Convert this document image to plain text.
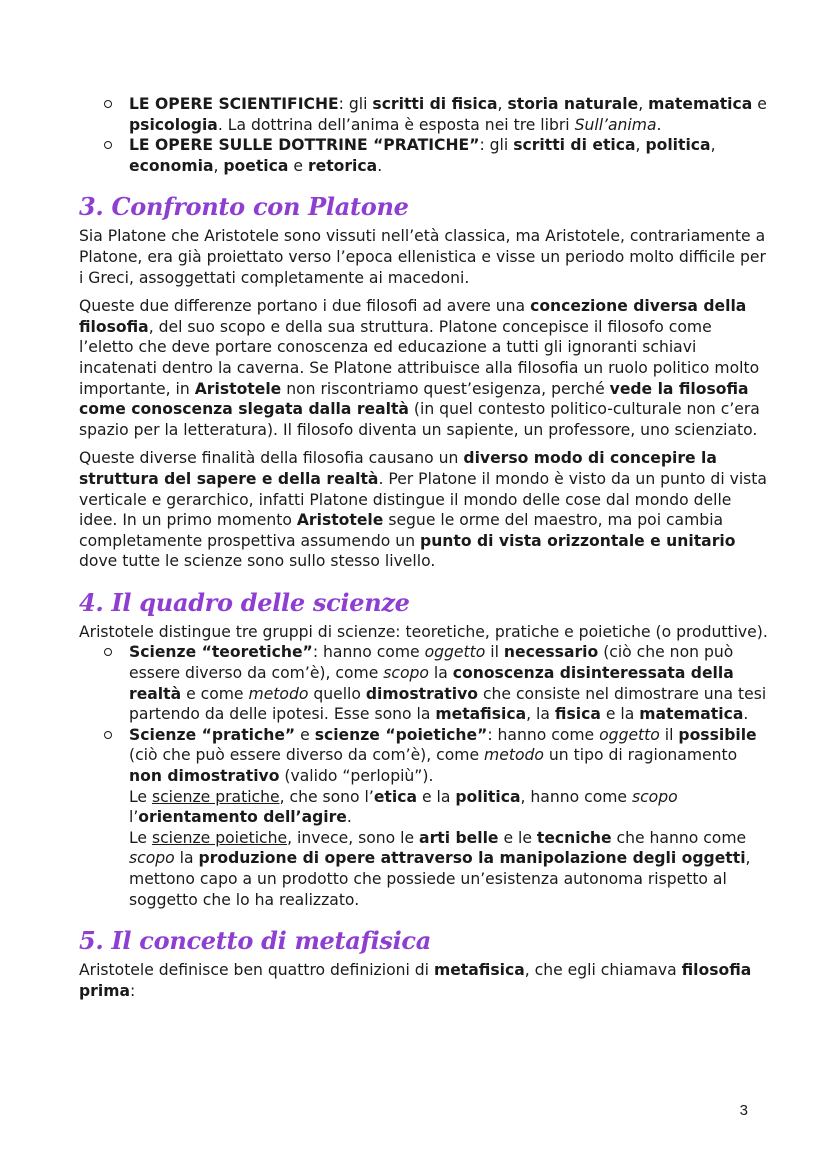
LE OPERE SCIENTIFICHE: gli scritti di fisica, storia naturale, matematica e psicologia. La dottrina dell’anima è esposta nei tre libri Sull’anima.

LE OPERE SULLE DOTTRINE “PRATICHE”: gli scritti di etica, politica, economia, poetica e retorica.

3. Confronto con Platone

Sia Platone che Aristotele sono vissuti nell’età classica, ma Aristotele, contrariamente a Platone, era già proiettato verso l’epoca ellenistica e visse un periodo molto difficile per i Greci, assoggettati completamente ai macedoni.

Queste due differenze portano i due filosofi ad avere una concezione diversa della filosofia, del suo scopo e della sua struttura. Platone concepisce il filosofo come l’eletto che deve portare conoscenza ed educazione a tutti gli ignoranti schiavi incatenati dentro la caverna. Se Platone attribuisce alla filosofia un ruolo politico molto importante, in Aristotele non riscontriamo quest’esigenza, perché vede la filosofia come conoscenza slegata dalla realtà (in quel contesto politico-culturale non c’era spazio per la letteratura). Il filosofo diventa un sapiente, un professore, uno scienziato.

Queste diverse finalità della filosofia causano un diverso modo di concepire la struttura del sapere e della realtà. Per Platone il mondo è visto da un punto di vista verticale e gerarchico, infatti Platone distingue il mondo delle cose dal mondo delle idee. In un primo momento Aristotele segue le orme del maestro, ma poi cambia completamente prospettiva assumendo un punto di vista orizzontale e unitario dove tutte le scienze sono sullo stesso livello.

4. Il quadro delle scienze

Aristotele distingue tre gruppi di scienze: teoretiche, pratiche e poietiche (o produttive).

Scienze “teoretiche”: hanno come oggetto il necessario (ciò che non può essere diverso da com’è), come scopo la conoscenza disinteressata della realtà e come metodo quello dimostrativo che consiste nel dimostrare una tesi partendo da delle ipotesi. Esse sono la metafisica, la fisica e la matematica.

Scienze “pratiche” e scienze “poietiche”: hanno come oggetto il possibile (ciò che può essere diverso da com’è), come metodo un tipo di ragionamento non dimostrativo (valido “perlopiù”).

Le scienze pratiche, che sono l’etica e la politica, hanno come scopo l’orientamento dell’agire.

Le scienze poietiche, invece, sono le arti belle e le tecniche che hanno come scopo la produzione di opere attraverso la manipolazione degli oggetti, mettono capo a un prodotto che possiede un’esistenza autonoma rispetto al soggetto che lo ha realizzato.

5. Il concetto di metafisica

Aristotele definisce ben quattro definizioni di metafisica, che egli chiamava filosofia prima:

3
